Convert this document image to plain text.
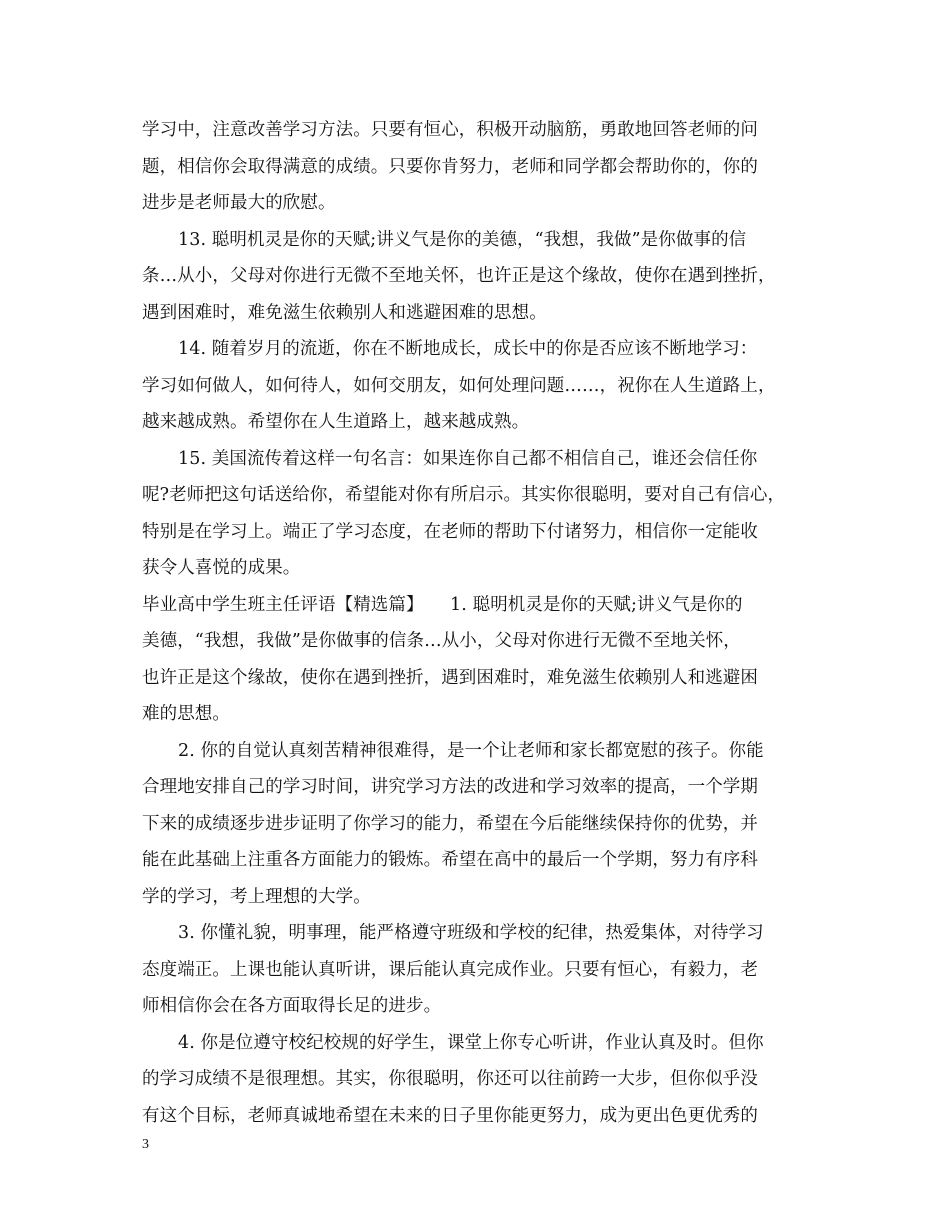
学习中，注意改善学习方法。只要有恒心，积极开动脑筋，勇敢地回答老师的问
题，相信你会取得满意的成绩。只要你肯努力，老师和同学都会帮助你的，你的
进步是老师最大的欣慰。
13. 聪明机灵是你的天赋;讲义气是你的美德，“我想，我做”是你做事的信
条…从小，父母对你进行无微不至地关怀，也许正是这个缘故，使你在遇到挫折，
遇到困难时，难免滋生依赖别人和逃避困难的思想。
14. 随着岁月的流逝，你在不断地成长，成长中的你是否应该不断地学习：
学习如何做人，如何待人，如何交朋友，如何处理问题……，祝你在人生道路上，
越来越成熟。希望你在人生道路上，越来越成熟。
15. 美国流传着这样一句名言：如果连你自己都不相信自己，谁还会信任你
呢?老师把这句话送给你，希望能对你有所启示。其实你很聪明，要对自己有信心，
特别是在学习上。端正了学习态度，在老师的帮助下付诸努力，相信你一定能收
获令人喜悦的成果。
毕业高中学生班主任评语【精选篇】　　1. 聪明机灵是你的天赋;讲义气是你的
美德，“我想，我做”是你做事的信条…从小，父母对你进行无微不至地关怀，
也许正是这个缘故，使你在遇到挫折，遇到困难时，难免滋生依赖别人和逃避困
难的思想。
2. 你的自觉认真刻苦精神很难得，是一个让老师和家长都宽慰的孩子。你能
合理地安排自己的学习时间，讲究学习方法的改进和学习效率的提高，一个学期
下来的成绩逐步进步证明了你学习的能力，希望在今后能继续保持你的优势，并
能在此基础上注重各方面能力的锻炼。希望在高中的最后一个学期，努力有序科
学的学习，考上理想的大学。
3. 你懂礼貌，明事理，能严格遵守班级和学校的纪律，热爱集体，对待学习
态度端正。上课也能认真听讲，课后能认真完成作业。只要有恒心，有毅力，老
师相信你会在各方面取得长足的进步。
4. 你是位遵守校纪校规的好学生，课堂上你专心听讲，作业认真及时。但你
的学习成绩不是很理想。其实，你很聪明，你还可以往前跨一大步，但你似乎没
有这个目标，老师真诚地希望在未来的日子里你能更努力，成为更出色更优秀的
3
